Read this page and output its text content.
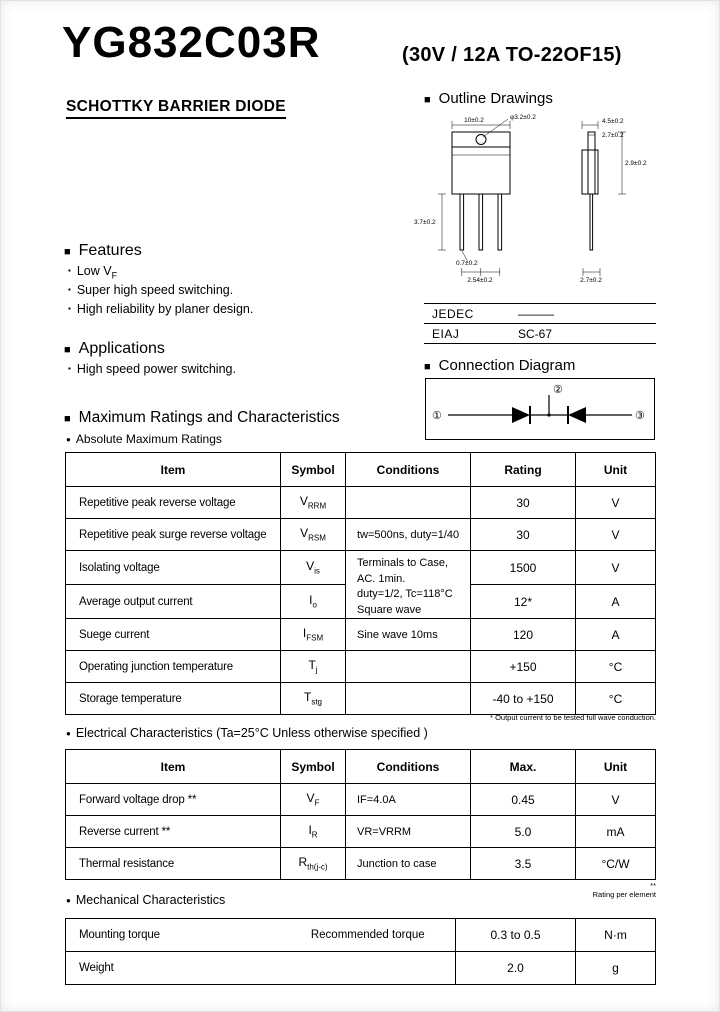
YG832C03R	(30V / 12A TO-22OF15)
SCHOTTKY BARRIER DIODE	■ Outline Drawings
10±0.2	φ3.2±0.2
4.5±0.2
2.7±0.2
2.9±0.2
3.7±0.2
0.7±0.2
2.54±0.2	2.7±0.2
JEDEC	———
EIAJ	SC-67
■ Features
▪ Low $V_F$
▪ Super high speed switching.
▪ High reliability by planer design.
■ Applications
▪ High speed power switching.	■ Connection Diagram
①
②
③
■ Maximum Ratings and Characteristics
● Absolute Maximum Ratings
Item	Symbol	Conditions	Rating	Unit
Repetitive peak reverse voltage	$V_{RRM}$		30	V
Repetitive peak surge reverse voltage	$V_{RSM}$	tw=500ns, duty=1/40	30	V
Isolating voltage	$V_{is}$	Terminals to Case,
AC. 1min.
duty=1/2, Tc=118°C
Square wave	1500	V
Average output current	$I_o$		12*	A
Suege current	$I_{FSM}$	Sine wave 10ms	120	A
Operating junction temperature	$T_j$		+150	°C
Storage temperature	$T_{stg}$		-40 to +150	°C
* Output current to be tested full wave conduction.
● Electrical Characteristics (Ta=25°C Unless otherwise specified )
Item	Symbol	Conditions	Max.	Unit
Forward voltage drop **	$V_F$	IF=4.0A	0.45	V
Reverse current **	$I_R$	VR=VRRM	5.0	mA
Thermal resistance	$R_{th(j-c)}$	Junction to case	3.5	°C/W
**
Rating per element
● Mechanical Characteristics
Mounting torque	Recommended torque	0.3 to 0.5	N·m
Weight		2.0	g
